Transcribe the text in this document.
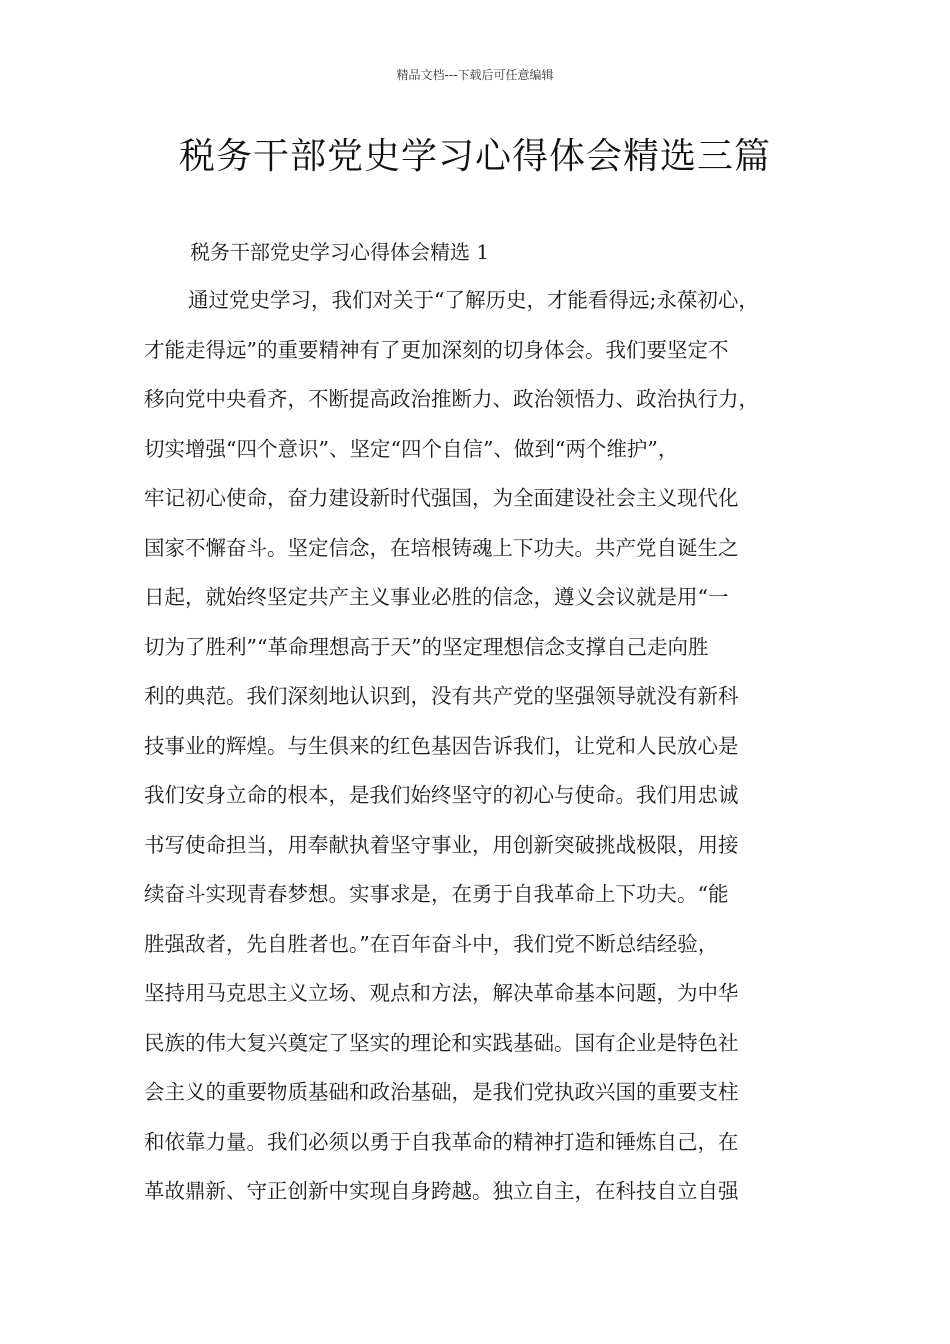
精品文档---下载后可任意编辑
税务干部党史学习心得体会精选三篇

税务干部党史学习心得体会精选 1

通过党史学习，我们对关于“了解历史，才能看得远;永葆初心，
才能走得远”的重要精神有了更加深刻的切身体会。我们要坚定不
移向党中央看齐，不断提高政治推断力、政治领悟力、政治执行力，
切实增强“四个意识”、坚定“四个自信”、做到“两个维护”，
牢记初心使命，奋力建设新时代强国，为全面建设社会主义现代化
国家不懈奋斗。坚定信念，在培根铸魂上下功夫。共产党自诞生之
日起，就始终坚定共产主义事业必胜的信念，遵义会议就是用“一
切为了胜利”“革命理想高于天”的坚定理想信念支撑自己走向胜
利的典范。我们深刻地认识到，没有共产党的坚强领导就没有新科
技事业的辉煌。与生俱来的红色基因告诉我们，让党和人民放心是
我们安身立命的根本，是我们始终坚守的初心与使命。我们用忠诚
书写使命担当，用奉献执着坚守事业，用创新突破挑战极限，用接
续奋斗实现青春梦想。实事求是，在勇于自我革命上下功夫。“能
胜强敌者，先自胜者也。”在百年奋斗中，我们党不断总结经验，
坚持用马克思主义立场、观点和方法，解决革命基本问题，为中华
民族的伟大复兴奠定了坚实的理论和实践基础。国有企业是特色社
会主义的重要物质基础和政治基础，是我们党执政兴国的重要支柱
和依靠力量。我们必须以勇于自我革命的精神打造和锤炼自己，在
革故鼎新、守正创新中实现自身跨越。独立自主，在科技自立自强
